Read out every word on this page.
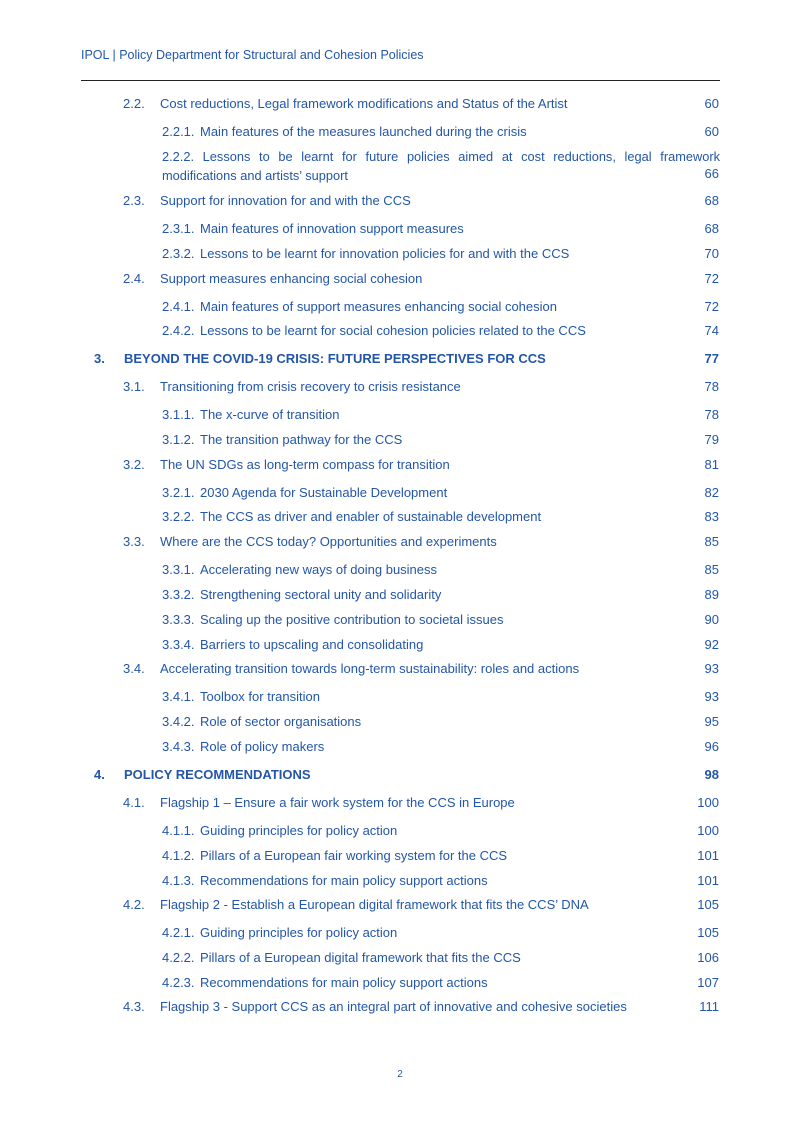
IPOL | Policy Department for Structural and Cohesion Policies
2.2. Cost reductions, Legal framework modifications and Status of the Artist	60
2.2.1. Main features of the measures launched during the crisis	60
2.2.2. Lessons to be learnt for future policies aimed at cost reductions, legal framework modifications and artists’ support	66
2.3. Support for innovation for and with the CCS	68
2.3.1. Main features of innovation support measures	68
2.3.2. Lessons to be learnt for innovation policies for and with the CCS	70
2.4. Support measures enhancing social cohesion	72
2.4.1. Main features of support measures enhancing social cohesion	72
2.4.2. Lessons to be learnt for social cohesion policies related to the CCS	74
3. BEYOND THE COVID-19 CRISIS: FUTURE PERSPECTIVES FOR CCS	77
3.1. Transitioning from crisis recovery to crisis resistance	78
3.1.1. The x-curve of transition	78
3.1.2. The transition pathway for the CCS	79
3.2. The UN SDGs as long-term compass for transition	81
3.2.1. 2030 Agenda for Sustainable Development	82
3.2.2. The CCS as driver and enabler of sustainable development	83
3.3. Where are the CCS today? Opportunities and experiments	85
3.3.1. Accelerating new ways of doing business	85
3.3.2. Strengthening sectoral unity and solidarity	89
3.3.3. Scaling up the positive contribution to societal issues	90
3.3.4. Barriers to upscaling and consolidating	92
3.4. Accelerating transition towards long-term sustainability: roles and actions	93
3.4.1. Toolbox for transition	93
3.4.2. Role of sector organisations	95
3.4.3. Role of policy makers	96
4. POLICY RECOMMENDATIONS	98
4.1. Flagship 1 – Ensure a fair work system for the CCS in Europe	100
4.1.1. Guiding principles for policy action	100
4.1.2. Pillars of a European fair working system for the CCS	101
4.1.3. Recommendations for main policy support actions	101
4.2. Flagship 2 - Establish a European digital framework that fits the CCS’ DNA	105
4.2.1. Guiding principles for policy action	105
4.2.2. Pillars of a European digital framework that fits the CCS	106
4.2.3. Recommendations for main policy support actions	107
4.3. Flagship 3 - Support CCS as an integral part of innovative and cohesive societies	111
2
